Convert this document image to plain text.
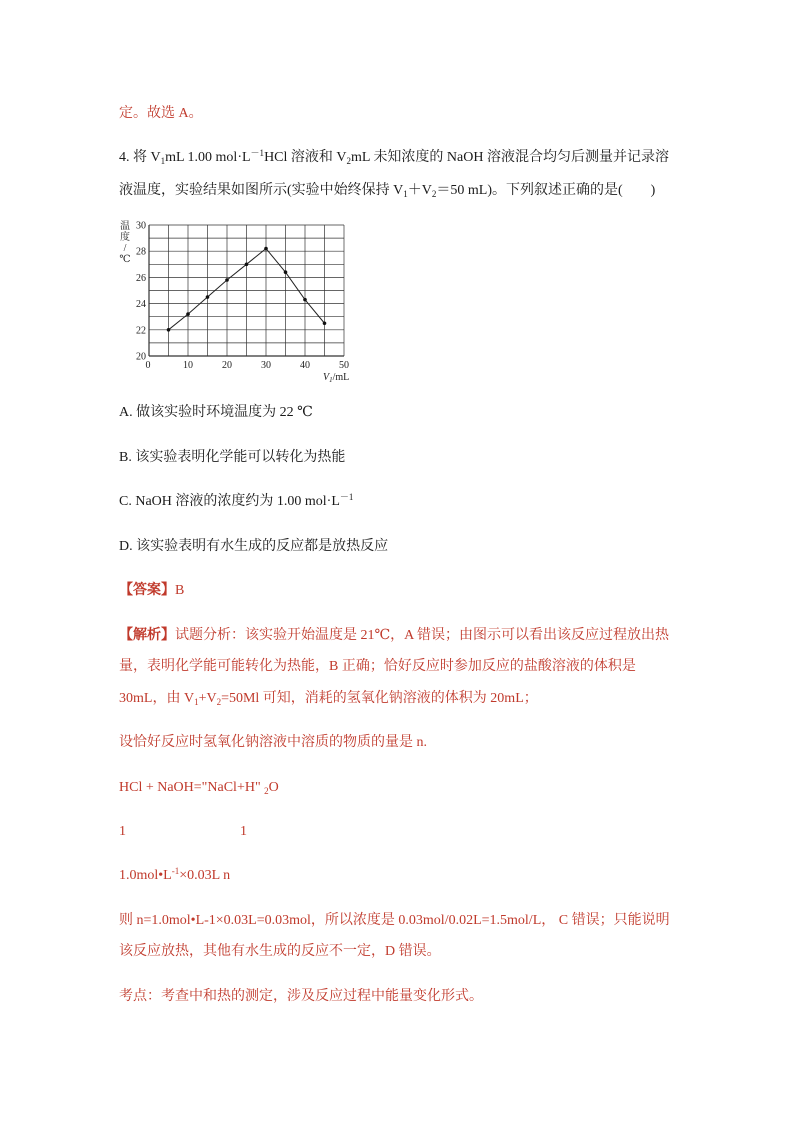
定。故选 A。
4. 将 $V_1mL$ 1.00 $mol\cdot L^{-1}HCl$ 溶液和 $V_2mL$ 未知浓度的 NaOH 溶液混合均匀后测量并记录溶
液温度，实验结果如图所示(实验中始终保持 $V_1+V_2=50$ mL)。下列叙述正确的是(　　)
温
度
/
℃
20
22
24
26
28
30
0	10	20	30	40	50
$V_1/mL$
A. 做该实验时环境温度为 22 ℃
B. 该实验表明化学能可以转化为热能
C. NaOH 溶液的浓度约为 1.00 $mol\cdot L^{-1}$
D. 该实验表明有水生成的反应都是放热反应
【答案】B
【解析】试题分析：该实验开始温度是 21℃，A 错误；由图示可以看出该反应过程放出热
量，表明化学能可能转化为热能，B 正确；恰好反应时参加反应的盐酸溶液的体积是
30mL，由 $V_1+V_2=50Ml$ 可知，消耗的氢氧化钠溶液的体积为 20mL；
设恰好反应时氢氧化钠溶液中溶质的物质的量是 n.
HCl + NaOH="NaCl+H" $_2$O
1	1
$1.0mol•L^{-1}\times 0.03L$ n
则 n=1.0mol•L-1×0.03L=0.03mol，所以浓度是 0.03mol/0.02L=1.5mol/L， C 错误；只能说明
该反应放热，其他有水生成的反应不一定，D 错误。
考点：考查中和热的测定，涉及反应过程中能量变化形式。
